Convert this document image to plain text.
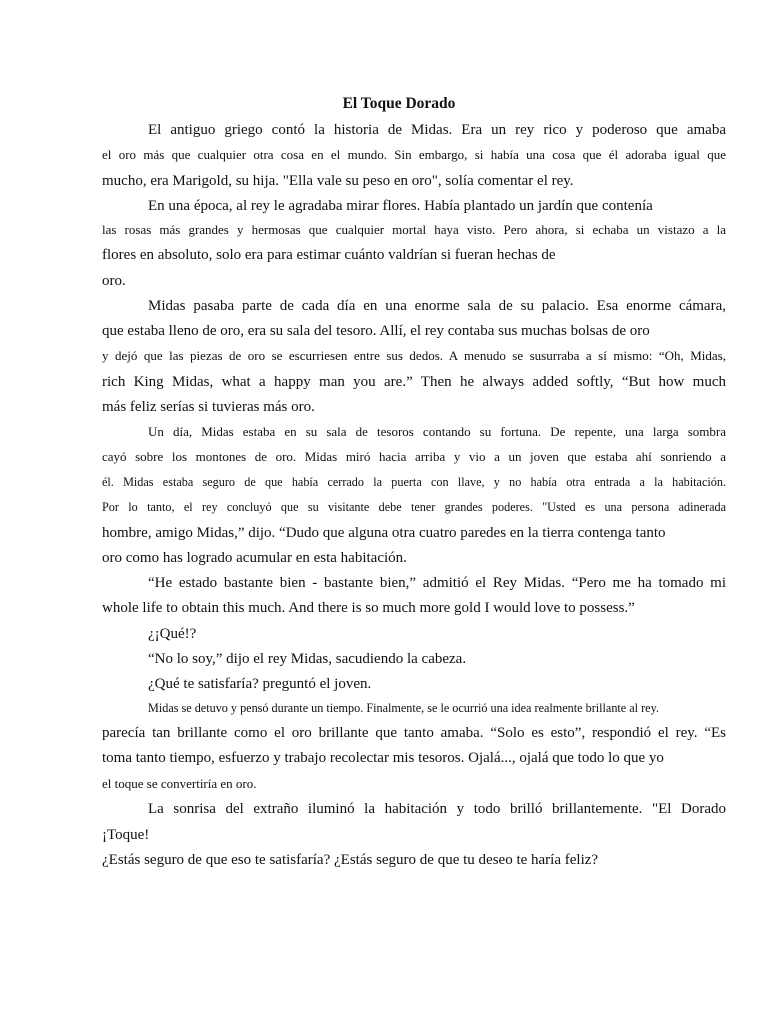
El Toque Dorado
El antiguo griego contó la historia de Midas. Era un rey rico y poderoso que amaba
el oro más que cualquier otra cosa en el mundo. Sin embargo, si había una cosa que él adoraba igual que
mucho, era Marigold, su hija. "Ella vale su peso en oro", solía comentar el rey.
En una época, al rey le agradaba mirar flores. Había plantado un jardín que contenía
las rosas más grandes y hermosas que cualquier mortal haya visto. Pero ahora, si echaba un vistazo a la
flores en absoluto, solo era para estimar cuánto valdrían si fueran hechas de
oro.
Midas pasaba parte de cada día en una enorme sala de su palacio. Esa enorme cámara,
que estaba lleno de oro, era su sala del tesoro. Allí, el rey contaba sus muchas bolsas de oro
y dejó que las piezas de oro se escurriesen entre sus dedos. A menudo se susurraba a sí mismo: “Oh, Midas,
rich King Midas, what a happy man you are.” Then he always added softly, “But how much
más feliz serías si tuvieras más oro.
Un día, Midas estaba en su sala de tesoros contando su fortuna. De repente, una larga sombra
cayó sobre los montones de oro. Midas miró hacia arriba y vio a un joven que estaba ahí sonriendo a
él. Midas estaba seguro de que había cerrado la puerta con llave, y no había otra entrada a la habitación.
Por lo tanto, el rey concluyó que su visitante debe tener grandes poderes. "Usted es una persona adinerada
hombre, amigo Midas,” dijo. “Dudo que alguna otra cuatro paredes en la tierra contenga tanto
oro como has logrado acumular en esta habitación.
“He estado bastante bien - bastante bien,” admitió el Rey Midas. “Pero me ha tomado mi
whole life to obtain this much. And there is so much more gold I would love to possess.”
¿¡Qué!?
“No lo soy,” dijo el rey Midas, sacudiendo la cabeza.
¿Qué te satisfaría? preguntó el joven.
Midas se detuvo y pensó durante un tiempo. Finalmente, se le ocurrió una idea realmente brillante al rey.
parecía tan brillante como el oro brillante que tanto amaba. “Solo es esto”, respondió el rey. “Es
toma tanto tiempo, esfuerzo y trabajo recolectar mis tesoros. Ojalá..., ojalá que todo lo que yo
el toque se convertiría en oro.
La sonrisa del extraño iluminó la habitación y todo brilló brillantemente. "El Dorado
¡Toque!
¿Estás seguro de que eso te satisfaría? ¿Estás seguro de que tu deseo te haría feliz?
